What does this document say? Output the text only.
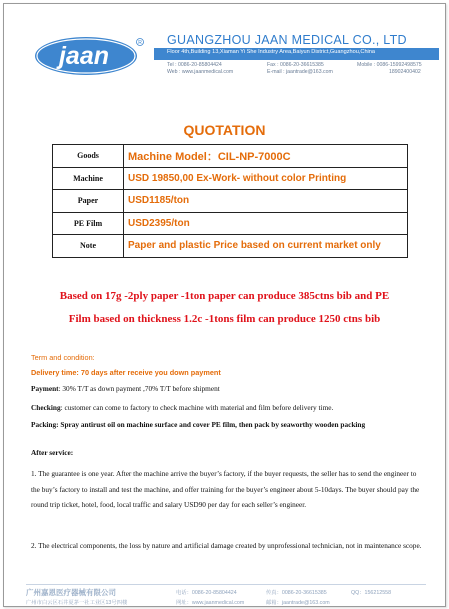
jaan	R GUANGZHOU JAAN MEDICAL CO., LTD
Floor 4th,Building 13,Xiaman Yi She Industry Area,Baiyun District,Guangzhou,China
Tel : 0086-20-85804424	Fax : 0086-20-36615385	Mobile : 0086-15992498575
Web : www.jaanmedical.com	E-mail : jaantrade@163.com	18902400402
QUOTATION
Goods	Machine Model：CIL-NP-7000C
Machine	USD 19850,00 Ex-Work- without color Printing
Paper	USD1185/ton
PE Film	USD2395/ton
Note	Paper and plastic Price based on current market only
Based on 17g -2ply paper -1ton paper can produce 385ctns bib and PE
Film based on thickness 1.2c -1tons film can produce 1250 ctns bib
Term and condition:
Delivery time: 70 days after receive you down payment
Payment: 30% T/T as down payment ,70% T/T before shipment
Checking: customer can come to factory to check machine with material and film before delivery time.
Packing: Spray antirust oil on machine surface and cover PE film, then pack by seaworthy wooden packing
After service:
1. The guarantee is one year. After the machine arrive the buyer’s factory, if the buyer requests, the seller has to send the engineer to the buy’s factory to install and test the machine, and offer training for the buyer’s engineer about 5-10days. The buyer should pay the round trip ticket, hotel, food, local traffic and salary USD90 per day for each seller’s engineer.
2. The electrical components, the loss by nature and artificial damage created by unprofessional technician, not in maintenance scope.
广州嘉恩医疗器械有限公司
广州市白云区石井夏茅一社工业区13号四楼
电话：0086-20-85804424	传真：0086-20-36615385	QQ：156212558
网址：www.jaanmedical.com	邮箱：jaantrade@163.com
